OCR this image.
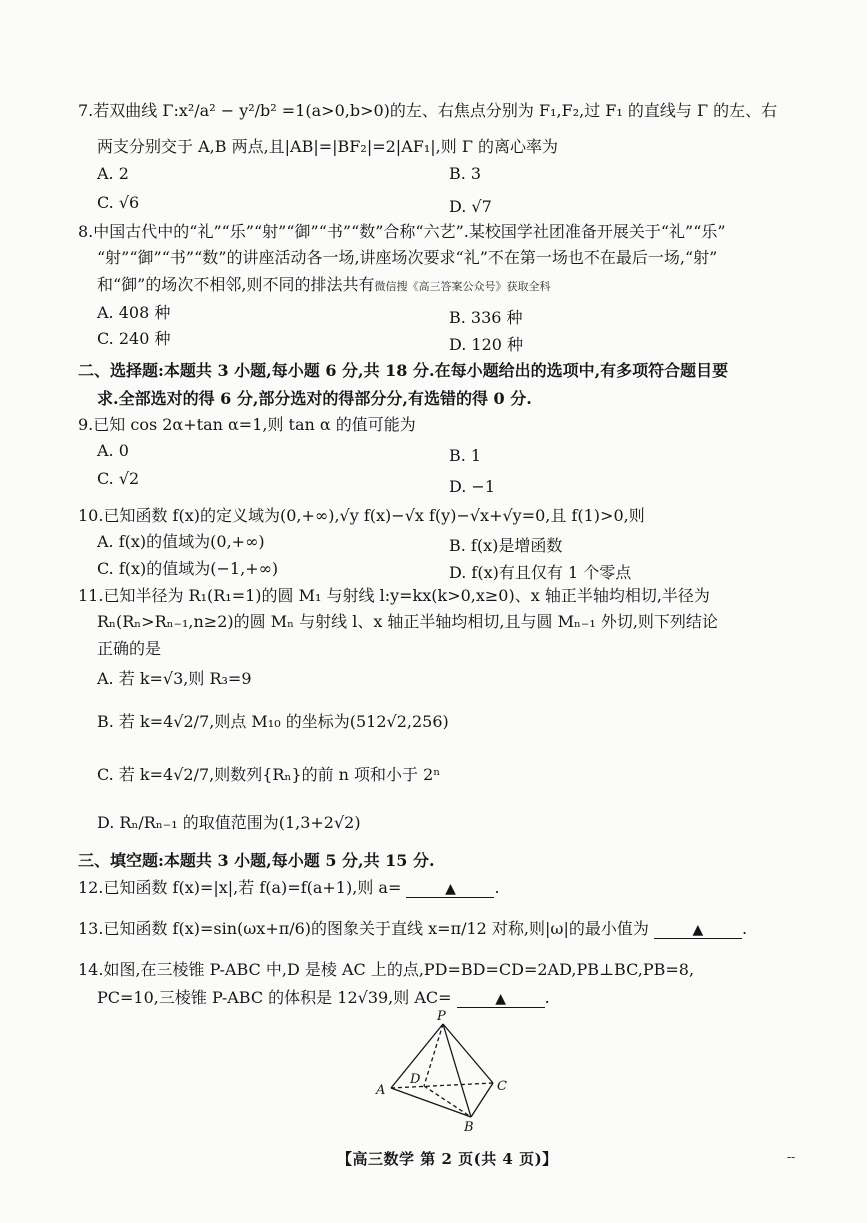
7.若双曲线 Γ:x²/a² − y²/b² =1(a>0,b>0)的左、右焦点分别为 F₁,F₂,过 F₁ 的直线与 Γ 的左、右
两支分别交于 A,B 两点,且|AB|=|BF₂|=2|AF₁|,则 Γ 的离心率为
A. 2	B. 3
C. √6	D. √7
8.中国古代中的“礼”“乐”“射”“御”“书”“数”合称“六艺”.某校国学社团准备开展关于“礼”“乐”
“射”“御”“书”“数”的讲座活动各一场,讲座场次要求“礼”不在第一场也不在最后一场,“射”
和“御”的场次不相邻,则不同的排法共有微信搜《高三答案公众号》获取全科
A. 408 种	B. 336 种
C. 240 种	D. 120 种
二、选择题:本题共 3 小题,每小题 6 分,共 18 分.在每小题给出的选项中,有多项符合题目要
求.全部选对的得 6 分,部分选对的得部分分,有选错的得 0 分.
9.已知 cos 2α+tan α=1,则 tan α 的值可能为
A. 0	B. 1
C. √2	D. −1
10.已知函数 f(x)的定义域为(0,+∞),√y f(x)−√x f(y)−√x+√y=0,且 f(1)>0,则
A. f(x)的值域为(0,+∞)	B. f(x)是增函数
C. f(x)的值域为(−1,+∞)	D. f(x)有且仅有 1 个零点
11.已知半径为 R₁(R₁=1)的圆 M₁ 与射线 l:y=kx(k>0,x≥0)、x 轴正半轴均相切,半径为
Rₙ(Rₙ>Rₙ₋₁,n≥2)的圆 Mₙ 与射线 l、x 轴正半轴均相切,且与圆 Mₙ₋₁ 外切,则下列结论
正确的是
A. 若 k=√3,则 R₃=9
B. 若 k=4√2/7,则点 M₁₀ 的坐标为(512√2,256)
C. 若 k=4√2/7,则数列{Rₙ}的前 n 项和小于 2ⁿ
D. Rₙ/Rₙ₋₁ 的取值范围为(1,3+2√2)
三、填空题:本题共 3 小题,每小题 5 分,共 15 分.
12.已知函数 f(x)=|x|,若 f(a)=f(a+1),则 a=	▲ .
13.已知函数 f(x)=sin(ωx+π/6)的图象关于直线 x=π/12 对称,则|ω|的最小值为	▲ .
14.如图,在三棱锥 P-ABC 中,D 是棱 AC 上的点,PD=BD=CD=2AD,PB⊥BC,PB=8,
PC=10,三棱锥 P-ABC 的体积是 12√39,则 AC=	▲ .
P
A
B
C
D
【高三数学 第 2 页(共 4 页)】	--
